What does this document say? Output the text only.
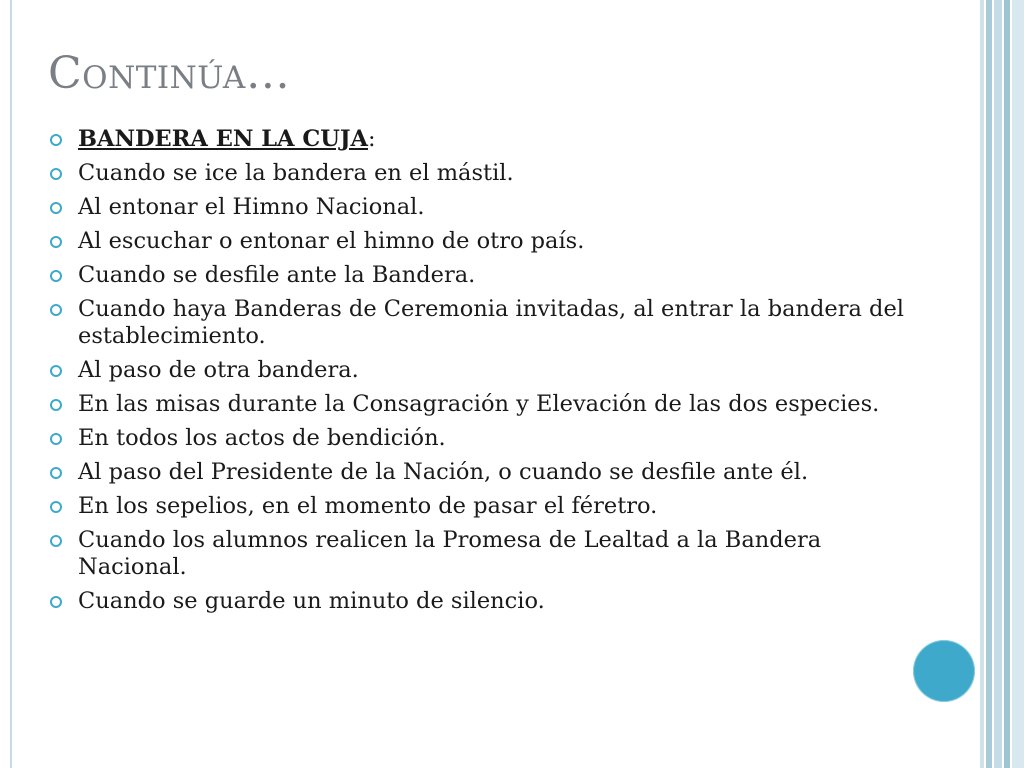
Continúa…
BANDERA EN LA CUJA:
Cuando se ice la bandera en el mástil.
Al entonar el Himno Nacional.
Al escuchar o entonar el himno de otro país.
Cuando se desfile ante la Bandera.
Cuando haya Banderas de Ceremonia invitadas, al entrar la bandera del establecimiento.
Al paso de otra bandera.
En las misas durante la Consagración y Elevación de las dos especies.
En todos los actos de bendición.
Al paso del Presidente de la Nación, o cuando se desfile ante él.
En los sepelios, en el momento de pasar el féretro.
Cuando los alumnos realicen la Promesa de Lealtad a la Bandera Nacional.
Cuando se guarde un minuto de silencio.
